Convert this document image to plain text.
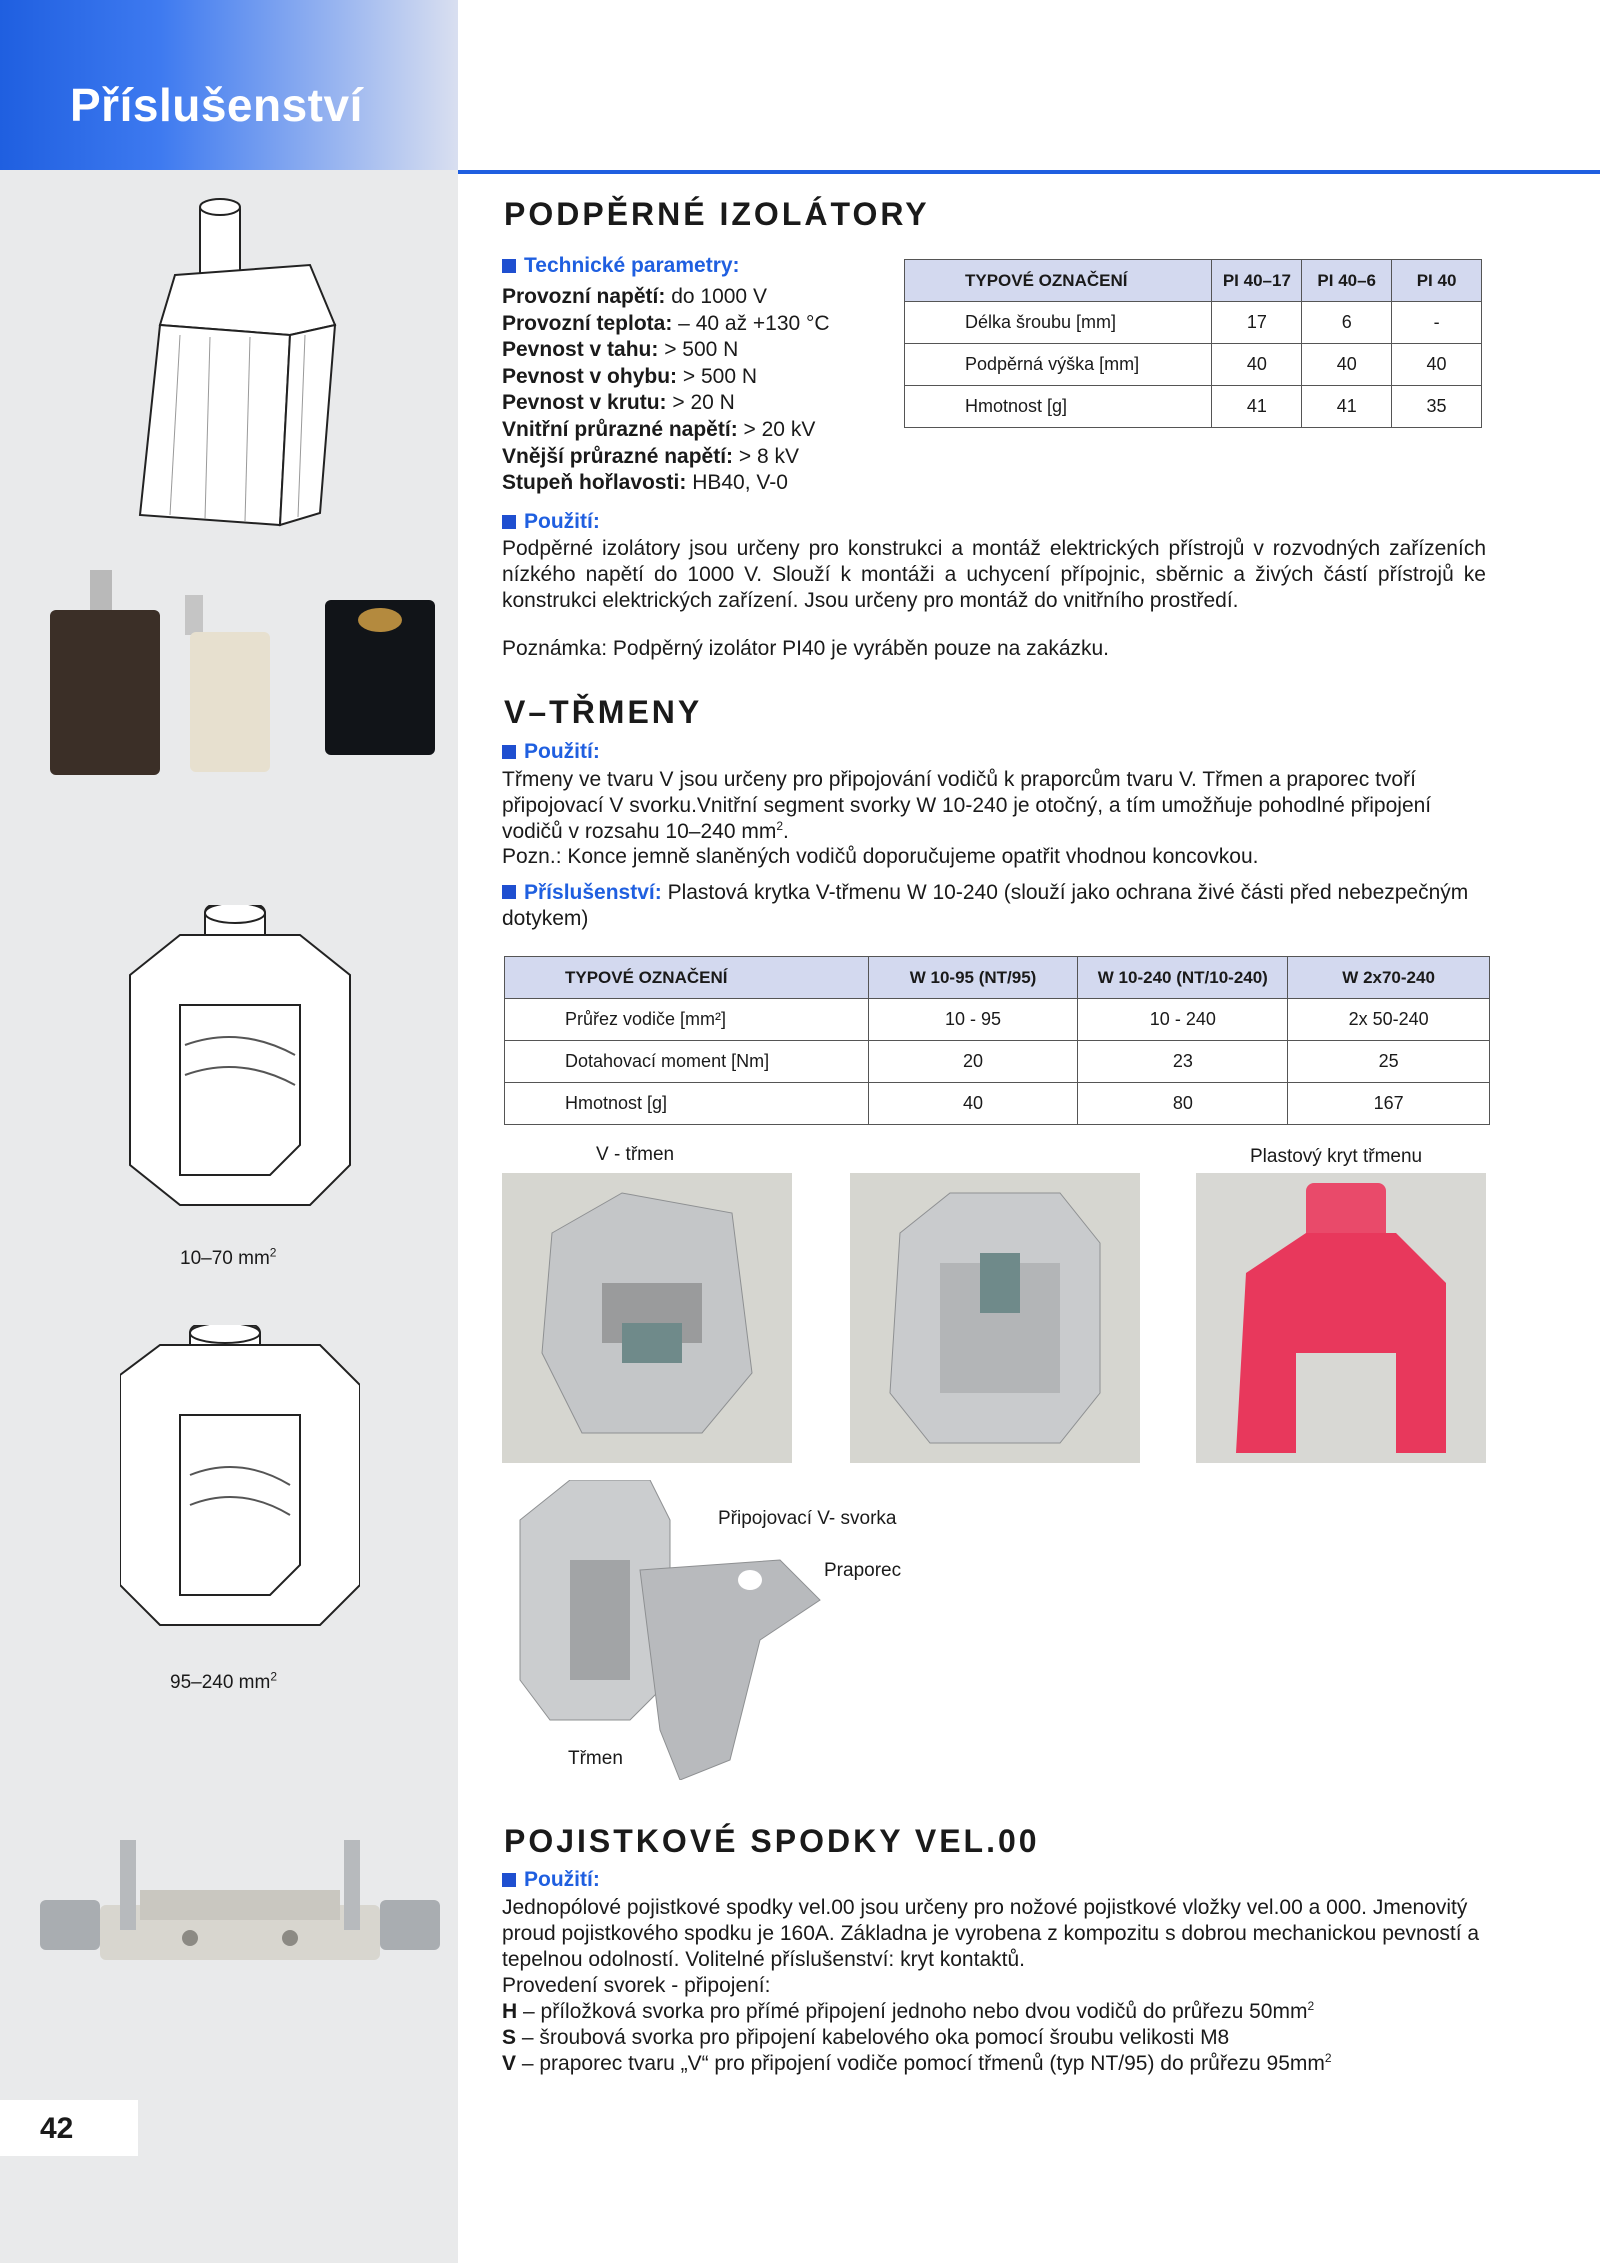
Příslušenství
10–70 $mm^2$
95–240 $mm^2$
42
PODPĚRNÉ IZOLÁTORY
Technické parametry:
Provozní napětí: do 1000 V
Provozní teplota: – 40 až +130 °C
Pevnost v tahu: > 500 N
Pevnost v ohybu: > 500 N
Pevnost v krutu: > 20 N
Vnitřní průrazné napětí: > 20 kV
Vnější průrazné napětí: > 8 kV
Stupeň hořlavosti: HB40, V-0
TYPOVÉ OZNAČENÍ	PI 40–17	PI 40–6	PI 40
Délka šroubu [mm]	17	6	-
Podpěrná výška [mm]	40	40	40
Hmotnost [g]	41	41	35
Použití:
Podpěrné izolátory jsou určeny pro konstrukci a montáž elektrických přístrojů v rozvodných zařízeních nízkého napětí do 1000 V. Slouží k montáži a uchycení přípojnic, sběrnic a živých částí přístrojů ke konstrukci elektrických zařízení. Jsou určeny pro montáž do vnitřního prostředí.
Poznámka: Podpěrný izolátor PI40 je vyráběn pouze na zakázku.
V–TŘMENY
Použití:
Třmeny ve tvaru V jsou určeny pro připojování vodičů k praporcům tvaru V. Třmen a praporec tvoří připojovací V svorku.Vnitřní segment svorky W 10-240 je otočný, a tím umožňuje pohodlné připojení vodičů v rozsahu 10–240 $mm^2$.
Pozn.: Konce jemně slaněných vodičů doporučujeme opatřit vhodnou koncovkou.
Příslušenství: Plastová krytka V-třmenu W 10-240 (slouží jako ochrana živé části před nebezpečným dotykem)
TYPOVÉ OZNAČENÍ	W 10-95 (NT/95)	W 10-240 (NT/10-240)	W 2x70-240
Průřez vodiče [mm²]	10 - 95	10 - 240	2x 50-240
Dotahovací moment [Nm]	20	23	25
Hmotnost [g]	40	80	167
V - třmen	Plastový kryt třmenu
Připojovací V- svorka
Praporec
Třmen
POJISTKOVÉ SPODKY VEL.00
Použití:
Jednopólové pojistkové spodky vel.00 jsou určeny pro nožové pojistkové vložky vel.00 a 000. Jmenovitý proud pojistkového spodku je 160A. Základna je vyrobena z kompozitu s dobrou mechanickou pevností a tepelnou odolností. Volitelné příslušenství: kryt kontaktů.
Provedení svorek - připojení:
H – příložková svorka pro přímé připojení jednoho nebo dvou vodičů do průřezu $50mm^2$
S – šroubová svorka pro připojení kabelového oka pomocí šroubu velikosti M8
V – praporec tvaru „V“ pro připojení vodiče pomocí třmenů (typ NT/95) do průřezu $95mm^2$
